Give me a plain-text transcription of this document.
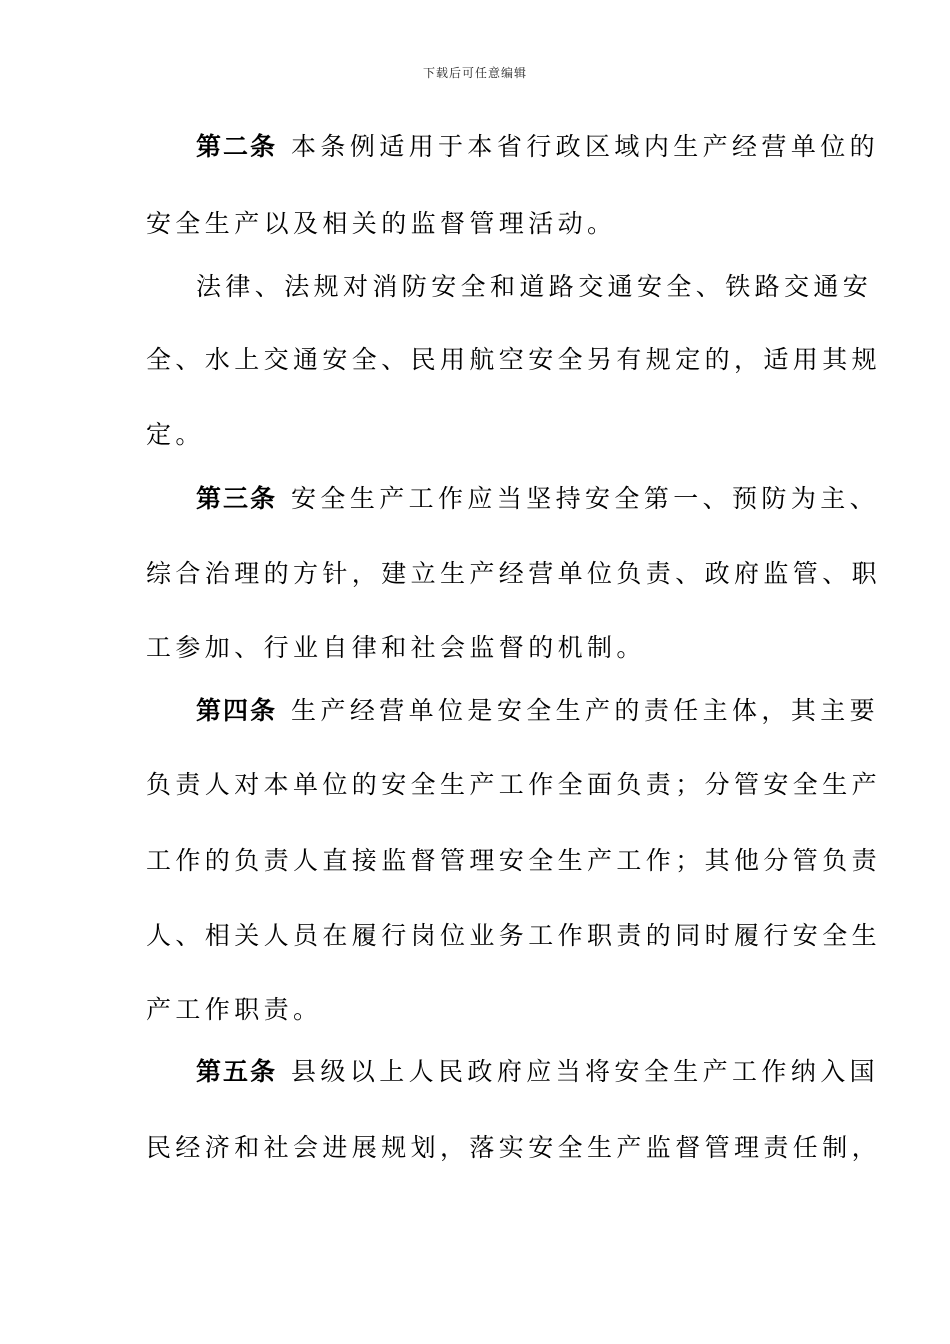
下载后可任意编辑
第二条 本条例适用于本省行政区域内生产经营单位的
安全生产以及相关的监督管理活动。
法律、法规对消防安全和道路交通安全、铁路交通安
全、水上交通安全、民用航空安全另有规定的，适用其规
定。
第三条 安全生产工作应当坚持安全第一、预防为主、
综合治理的方针，建立生产经营单位负责、政府监管、职
工参加、行业自律和社会监督的机制。
第四条 生产经营单位是安全生产的责任主体，其主要
负责人对本单位的安全生产工作全面负责；分管安全生产
工作的负责人直接监督管理安全生产工作；其他分管负责
人、相关人员在履行岗位业务工作职责的同时履行安全生
产工作职责。
第五条 县级以上人民政府应当将安全生产工作纳入国
民经济和社会进展规划，落实安全生产监督管理责任制，
